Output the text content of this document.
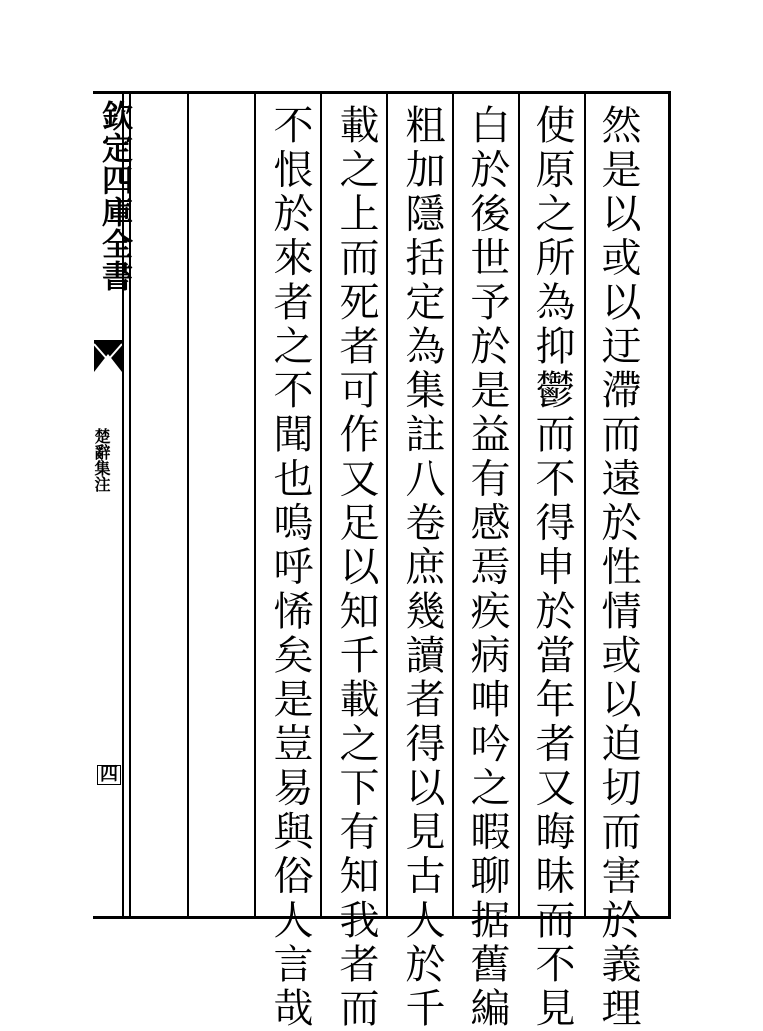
欽定四庫全書
楚辭集注
四	然是以或以迂滯而遠於性情或以迫切而害於義理
使原之所為抑鬱而不得申於當年者又晦昧而不見
白於後世予於是益有感焉疾病呻吟之暇聊据舊編
粗加隱括定為集註八卷庶幾讀者得以見古人於千
載之上而死者可作又足以知千載之下有知我者而
不恨於來者之不聞也嗚呼悕矣是豈易與俗人言哉
